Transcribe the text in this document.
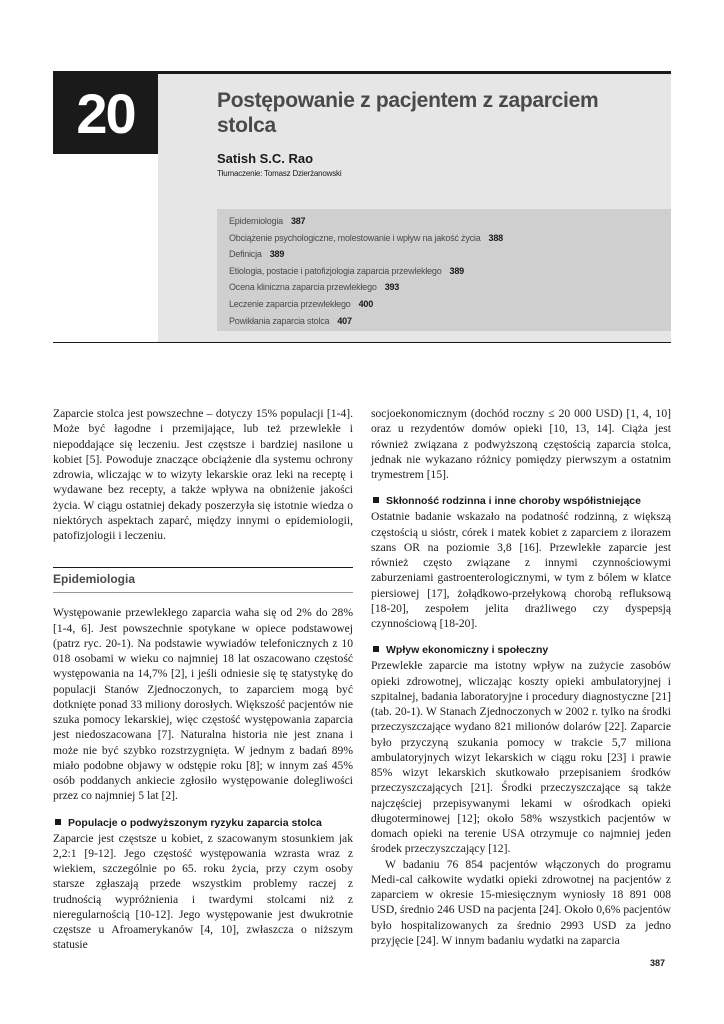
20	Postępowanie z pacjentem z zaparciem stolca
Satish S.C. Rao
Tłumaczenie: Tomasz Dzierżanowski
Epidemiologia 387
Obciążenie psychologiczne, molestowanie i wpływ na jakość życia 388
Definicja 389
Etiologia, postacie i patofizjologia zaparcia przewlekłego 389
Ocena kliniczna zaparcia przewlekłego 393
Leczenie zaparcia przewlekłego 400
Powikłania zaparcia stolca 407

Zaparcie stolca jest powszechne – dotyczy 15% populacji [1-4]. Może być łagodne i przemijające, lub też przewlekłe i niepoddające się leczeniu. Jest częstsze i bardziej nasilone u kobiet [5]. Powoduje znaczące obciążenie dla systemu ochrony zdrowia, wliczając w to wizyty lekarskie oraz leki na receptę i wydawane bez recepty, a także wpływa na obniżenie jakości życia. W ciągu ostatniej dekady poszerzyła się istotnie wiedza o niektórych aspektach zaparć, między innymi o epidemiologii, patofizjologii i leczeniu.

Epidemiologia

Występowanie przewlekłego zaparcia waha się od 2% do 28% [1-4, 6]. Jest powszechnie spotykane w opiece podstawowej (patrz ryc. 20-1). Na podstawie wywiadów telefonicznych z 10 018 osobami w wieku co najmniej 18 lat oszacowano częstość występowania na 14,7% [2], i jeśli odniesie się tę statystykę do populacji Stanów Zjednoczonych, to zaparciem mogą być dotknięte ponad 33 miliony dorosłych. Większość pacjentów nie szuka pomocy lekarskiej, więc częstość występowania zaparcia jest niedoszacowana [7]. Naturalna historia nie jest znana i może nie być szybko rozstrzygnięta. W jednym z badań 89% miało podobne objawy w odstępie roku [8]; w innym zaś 45% osób poddanych ankiecie zgłosiło występowanie dolegliwości przez co najmniej 5 lat [2].

Populacje o podwyższonym ryzyku zaparcia stolca

Zaparcie jest częstsze u kobiet, z szacowanym stosunkiem jak 2,2:1 [9-12]. Jego częstość występowania wzrasta wraz z wiekiem, szczególnie po 65. roku życia, przy czym osoby starsze zgłaszają przede wszystkim problemy raczej z trudnością wypróżnienia i twardymi stolcami niż z nieregularnością [10-12]. Jego występowanie jest dwukrotnie częstsze u Afroamerykanów [4, 10], zwłaszcza o niższym statusie

socjoekonomicznym (dochód roczny ≤ 20 000 USD) [1, 4, 10] oraz u rezydentów domów opieki [10, 13, 14]. Ciąża jest również związana z podwyższoną częstością zaparcia stolca, jednak nie wykazano różnicy pomiędzy pierwszym a ostatnim trymestrem [15].

Skłonność rodzinna i inne choroby współistniejące

Ostatnie badanie wskazało na podatność rodzinną, z większą częstością u sióstr, córek i matek kobiet z zaparciem z ilorazem szans OR na poziomie 3,8 [16]. Przewlekłe zaparcie jest również często związane z innymi czynnościowymi zaburzeniami gastroenterologicznymi, w tym z bólem w klatce piersiowej [17], żołądkowo-przełykową chorobą refluksową [18-20], zespołem jelita drażliwego czy dyspepsją czynnościową [18-20].

Wpływ ekonomiczny i społeczny

Przewlekłe zaparcie ma istotny wpływ na zużycie zasobów opieki zdrowotnej, wliczając koszty opieki ambulatoryjnej i szpitalnej, badania laboratoryjne i procedury diagnostyczne [21] (tab. 20-1). W Stanach Zjednoczonych w 2002 r. tylko na środki przeczyszczające wydano 821 milionów dolarów [22]. Zaparcie było przyczyną szukania pomocy w trakcie 5,7 miliona ambulatoryjnych wizyt lekarskich w ciągu roku [23] i prawie 85% wizyt lekarskich skutkowało przepisaniem środków przeczyszczających [21]. Środki przeczyszczające są także najczęściej przepisywanymi lekami w ośrodkach opieki długoterminowej [12]; około 58% wszystkich pacjentów w domach opieki na terenie USA otrzymuje co najmniej jeden środek przeczyszczający [12].

W badaniu 76 854 pacjentów włączonych do programu Medi-cal całkowite wydatki opieki zdrowotnej na pacjentów z zaparciem w okresie 15-miesięcznym wyniosły 18 891 008 USD, średnio 246 USD na pacjenta [24]. Około 0,6% pacjentów było hospitalizowanych za średnio 2993 USD za jedno przyjęcie [24]. W innym badaniu wydatki na zaparcia

387
